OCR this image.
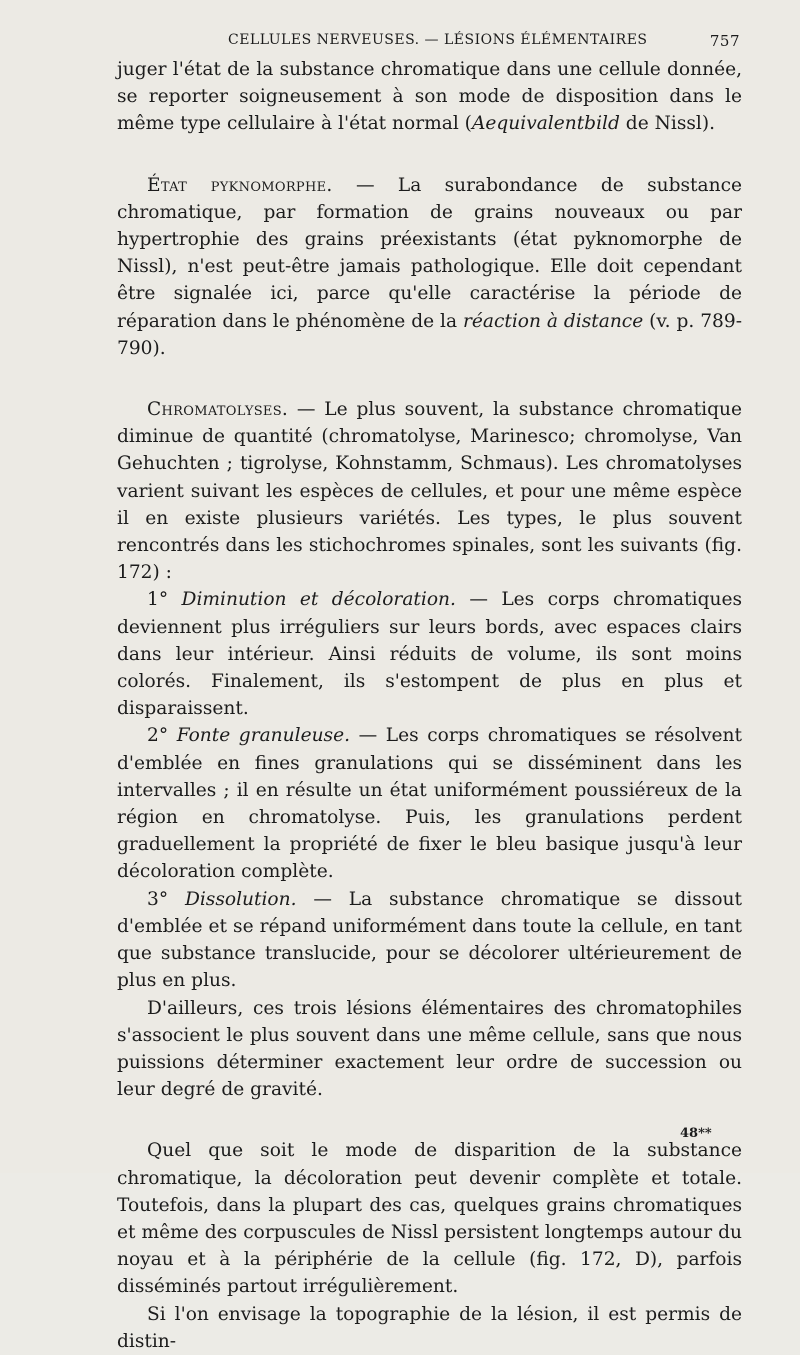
CELLULES NERVEUSES. — LÉSIONS ÉLÉMENTAIRES	757

juger l'état de la substance chromatique dans une cellule donnée, se reporter soigneusement à son mode de disposition dans le même type cellulaire à l'état normal (Aequivalentbild de Nissl).

État pyknomorphe. — La surabondance de substance chromatique, par formation de grains nouveaux ou par hypertrophie des grains préexistants (état pyknomorphe de Nissl), n'est peut-être jamais pathologique. Elle doit cependant être signalée ici, parce qu'elle caractérise la période de réparation dans le phénomène de la réaction à distance (v. p. 789-790).

Chromatolyses. — Le plus souvent, la substance chromatique diminue de quantité (chromatolyse, Marinesco; chromolyse, Van Gehuchten ; tigrolyse, Kohnstamm, Schmaus). Les chromatolyses varient suivant les espèces de cellules, et pour une même espèce il en existe plusieurs variétés. Les types, le plus souvent rencontrés dans les stichochromes spinales, sont les suivants (fig. 172) :

1° Diminution et décoloration. — Les corps chromatiques deviennent plus irréguliers sur leurs bords, avec espaces clairs dans leur intérieur. Ainsi réduits de volume, ils sont moins colorés. Finalement, ils s'estompent de plus en plus et disparaissent.

2° Fonte granuleuse. — Les corps chromatiques se résolvent d'emblée en fines granulations qui se disséminent dans les intervalles ; il en résulte un état uniformément poussiéreux de la région en chromatolyse. Puis, les granulations perdent graduellement la propriété de fixer le bleu basique jusqu'à leur décoloration complète.

3° Dissolution. — La substance chromatique se dissout d'emblée et se répand uniformément dans toute la cellule, en tant que substance translucide, pour se décolorer ultérieurement de plus en plus.

D'ailleurs, ces trois lésions élémentaires des chromatophiles s'associent le plus souvent dans une même cellule, sans que nous puissions déterminer exactement leur ordre de succession ou leur degré de gravité.

Quel que soit le mode de disparition de la substance chromatique, la décoloration peut devenir complète et totale. Toutefois, dans la plupart des cas, quelques grains chromatiques et même des corpuscules de Nissl persistent longtemps autour du noyau et à la périphérie de la cellule (fig. 172, D), parfois disséminés partout irrégulièrement.

Si l'on envisage la topographie de la lésion, il est permis de distin-

48**
